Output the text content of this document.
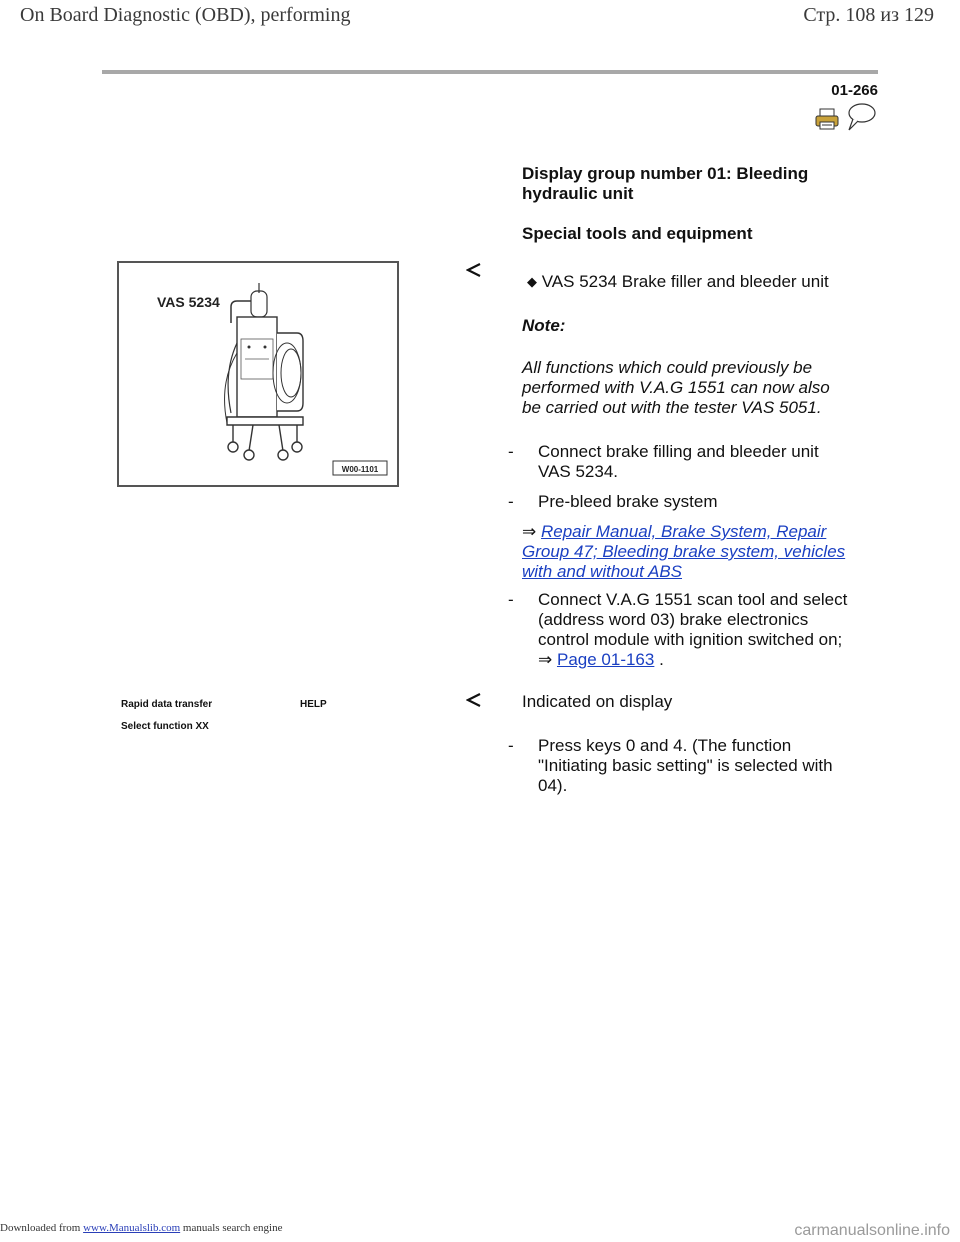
On Board Diagnostic (OBD), performing	Стр. 108 из 129
01-266
Display group number 01: Bleeding
hydraulic unit
Special tools and equipment
VAS 5234
W00-1101
◆ VAS 5234 Brake filler and bleeder unit
Note:
All functions which could previously be
performed with V.A.G 1551 can now also
be carried out with the tester VAS 5051.
-	Connect brake filling and bleeder unit
VAS 5234.
-	Pre-bleed brake system
⇒ Repair Manual, Brake System, Repair
Group 47; Bleeding brake system, vehicles
with and without ABS
-	Connect V.A.G 1551 scan tool and select
(address word 03) brake electronics
control module with ignition switched on;
⇒ Page 01-163 .
Rapid data transfer	HELP
Select function XX
Indicated on display
-	Press keys 0 and 4. (The function
"Initiating basic setting" is selected with
04).
Downloaded from www.Manualslib.com manuals search engine	carmanualsonline.info
